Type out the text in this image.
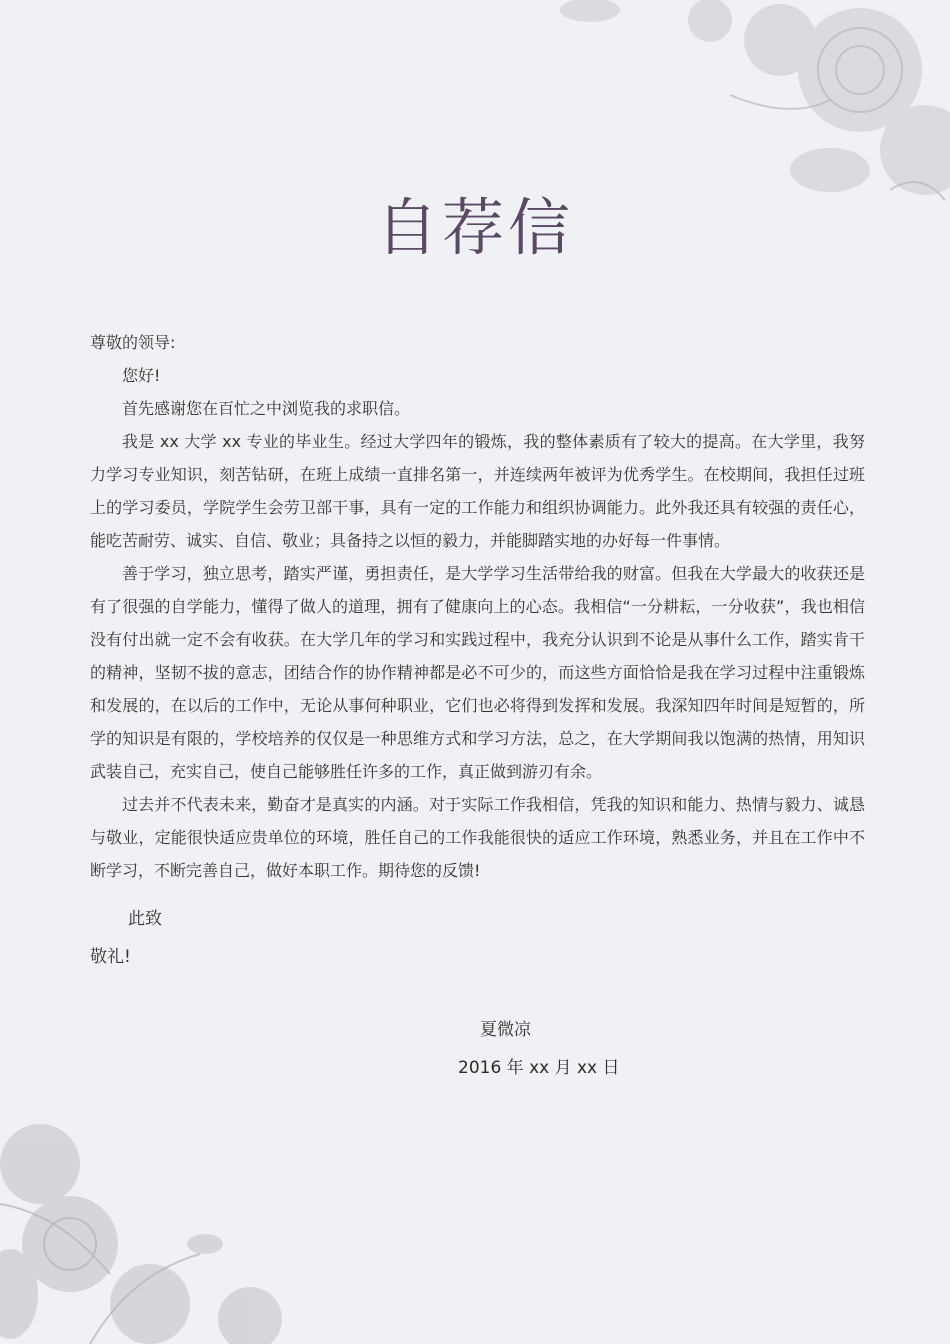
自荐信

尊敬的领导:

您好!

首先感谢您在百忙之中浏览我的求职信。

我是 xx 大学 xx 专业的毕业生。经过大学四年的锻炼，我的整体素质有了较大的提高。在大学里，我努力学习专业知识，刻苦钻研，在班上成绩一直排名第一，并连续两年被评为优秀学生。在校期间，我担任过班上的学习委员，学院学生会劳卫部干事，具有一定的工作能力和组织协调能力。此外我还具有较强的责任心，能吃苦耐劳、诚实、自信、敬业；具备持之以恒的毅力，并能脚踏实地的办好每一件事情。

善于学习，独立思考，踏实严谨，勇担责任，是大学学习生活带给我的财富。但我在大学最大的收获还是有了很强的自学能力，懂得了做人的道理，拥有了健康向上的心态。我相信“一分耕耘，一分收获”，我也相信没有付出就一定不会有收获。在大学几年的学习和实践过程中，我充分认识到不论是从事什么工作，踏实肯干的精神，坚韧不拔的意志，团结合作的协作精神都是必不可少的，而这些方面恰恰是我在学习过程中注重锻炼和发展的，在以后的工作中，无论从事何种职业，它们也必将得到发挥和发展。我深知四年时间是短暂的，所学的知识是有限的，学校培养的仅仅是一种思维方式和学习方法，总之，在大学期间我以饱满的热情，用知识武装自己，充实自己，使自己能够胜任许多的工作，真正做到游刃有余。

过去并不代表未来，勤奋才是真实的内涵。对于实际工作我相信，凭我的知识和能力、热情与毅力、诚恳与敬业，定能很快适应贵单位的环境，胜任自己的工作我能很快的适应工作环境，熟悉业务，并且在工作中不断学习，不断完善自己，做好本职工作。期待您的反馈!

此致

敬礼!

夏微凉
2016 年 xx 月 xx 日
